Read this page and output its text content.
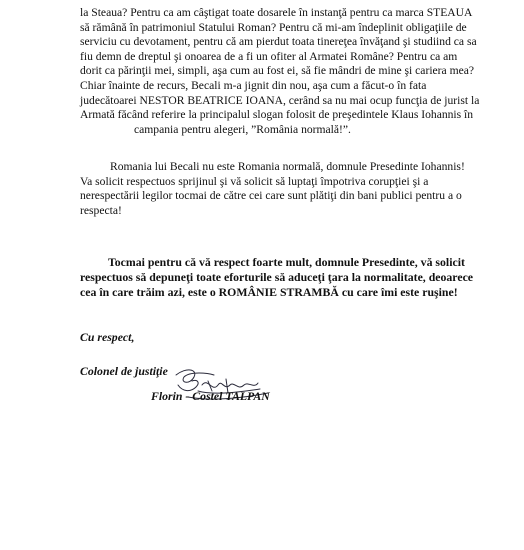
la Steaua? Pentru ca am câştigat toate dosarele în instanţă pentru ca marca STEAUA
să rămână în patrimoniul Statului Roman? Pentru că mi-am îndeplinit obligaţiile de
serviciu cu devotament, pentru că am pierdut toata tinereţea învăţand şi studiind ca sa
fiu demn de dreptul şi onoarea de a fi un ofiter al Armatei Române? Pentru ca am
dorit ca părinţii mei, simpli, aşa cum au fost ei, să fie mândri de mine şi cariera mea?
Chiar înainte de recurs, Becali m-a jignit din nou, aşa cum a făcut-o în fata
judecătoarei NESTOR BEATRICE IOANA, cerând sa nu mai ocup funcţia de jurist la
Armată făcând referire la principalul slogan folosit de preşedintele Klaus Iohannis în
campania pentru alegeri, ”România normală!”.
Romania lui Becali nu este Romania normală, domnule Presedinte Iohannis!
Va solicit respectuos sprijinul şi vă solicit să luptaţi împotriva corupţiei şi a
nerespectării legilor tocmai de către cei care sunt plătiţi din bani publici pentru a o
respecta!
Tocmai pentru că vă respect foarte mult, domnule Presedinte, vă solicit
respectuos să depuneţi toate eforturile să aduceţi ţara la normalitate, deoarece
cea în care trăim azi, este o ROMÂNIE STRAMBĂ cu care îmi este ruşine!
Cu respect,
Colonel de justiţie
Florin - Costel TALPAN
